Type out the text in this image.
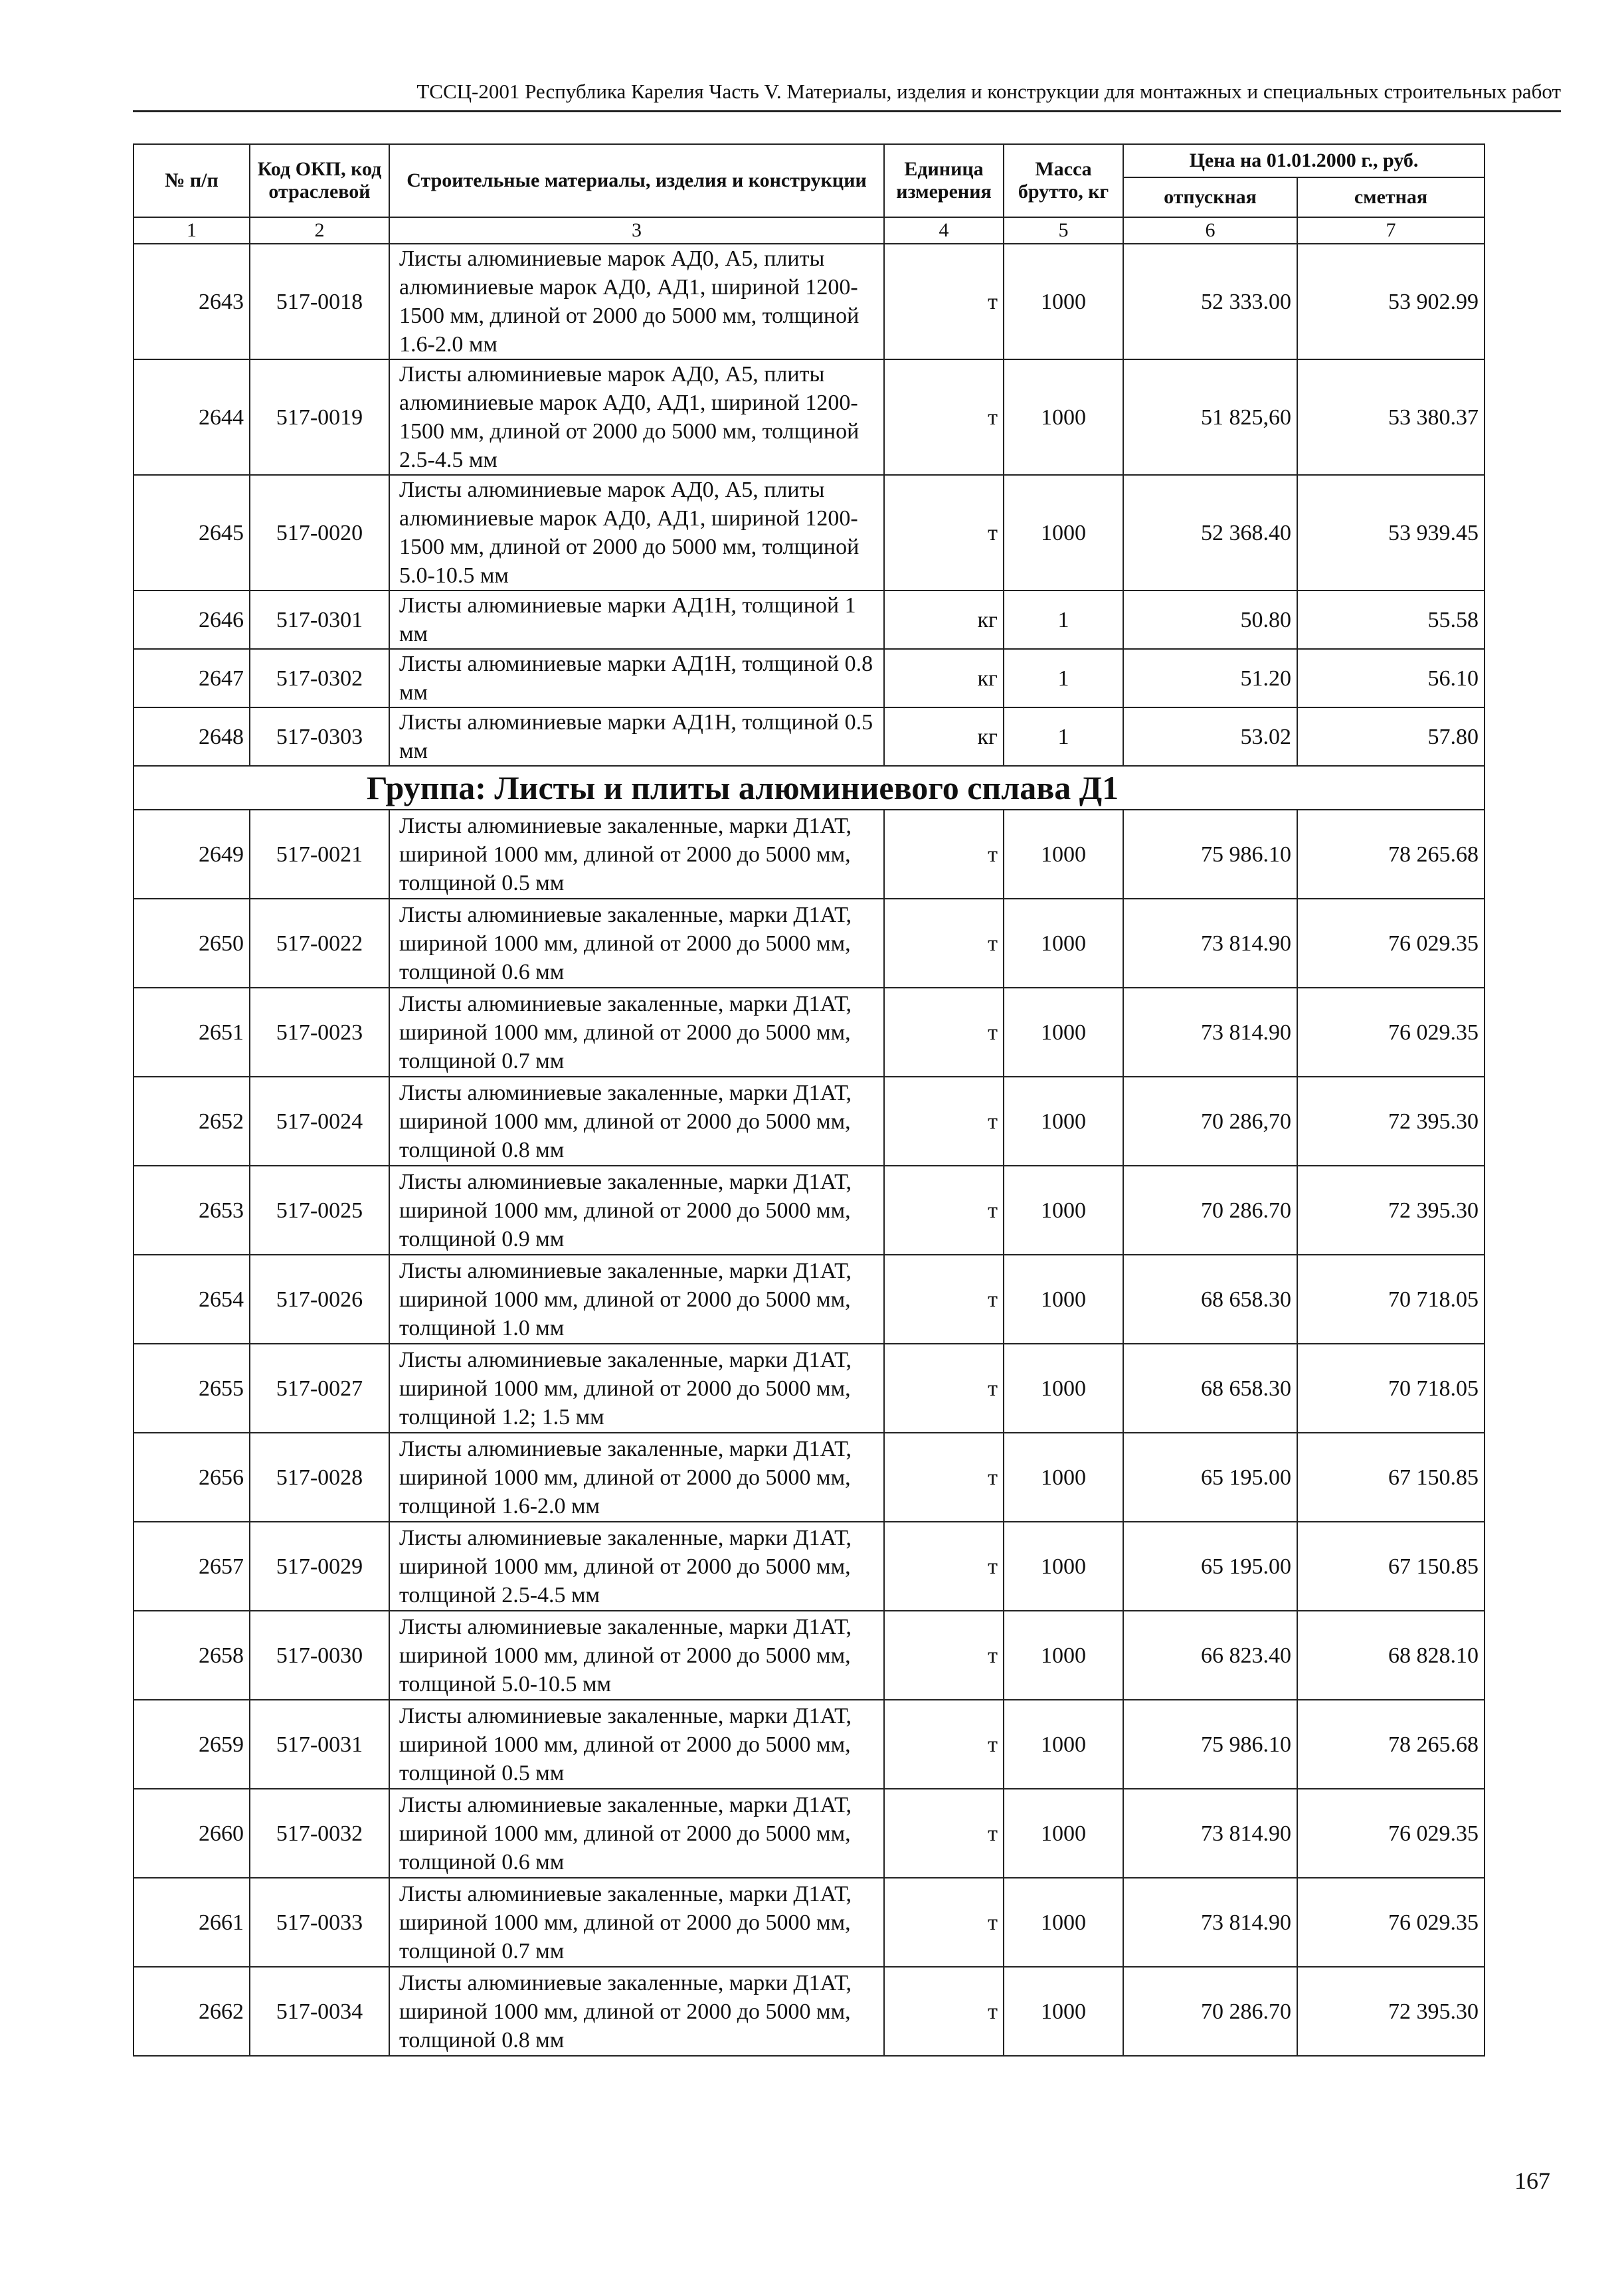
ТССЦ-2001 Республика Карелия Часть V. Материалы, изделия и конструкции для монтажных и специальных строительных работ
№ п/п	Код ОКП, код отраслевой	Строительные материалы, изделия и конструкции	Единица измерения	Масса брутто, кг	Цена на 01.01.2000 г., руб.	
					отпускная	сметная
1	2	3	4	5	6	7
2643	517-0018	Листы алюминиевые марок АД0, А5, плиты алюминиевые марок АД0, АД1, шириной 1200-1500 мм, длиной от 2000 до 5000 мм, толщиной 1.6-2.0 мм	т	1000	52 333.00	53 902.99
2644	517-0019	Листы алюминиевые марок АД0, А5, плиты алюминиевые марок АД0, АД1, шириной 1200-1500 мм, длиной от 2000 до 5000 мм, толщиной 2.5-4.5 мм	т	1000	51 825,60	53 380.37
2645	517-0020	Листы алюминиевые марок АД0, А5, плиты алюминиевые марок АД0, АД1, шириной 1200-1500 мм, длиной от 2000 до 5000 мм, толщиной 5.0-10.5 мм	т	1000	52 368.40	53 939.45
2646	517-0301	Листы алюминиевые марки АД1Н, толщиной 1 мм	кг	1	50.80	55.58
2647	517-0302	Листы алюминиевые марки АД1Н, толщиной 0.8 мм	кг	1	51.20	56.10
2648	517-0303	Листы алюминиевые марки АД1Н, толщиной 0.5 мм	кг	1	53.02	57.80
Группа: Листы и плиты алюминиевого сплава Д1						
2649	517-0021	Листы алюминиевые закаленные, марки Д1АТ, шириной 1000 мм, длиной от 2000 до 5000 мм, толщиной 0.5 мм	т	1000	75 986.10	78 265.68
2650	517-0022	Листы алюминиевые закаленные, марки Д1АТ, шириной 1000 мм, длиной от 2000 до 5000 мм, толщиной 0.6 мм	т	1000	73 814.90	76 029.35
2651	517-0023	Листы алюминиевые закаленные, марки Д1АТ, шириной 1000 мм, длиной от 2000 до 5000 мм, толщиной 0.7 мм	т	1000	73 814.90	76 029.35
2652	517-0024	Листы алюминиевые закаленные, марки Д1АТ, шириной 1000 мм, длиной от 2000 до 5000 мм, толщиной 0.8 мм	т	1000	70 286,70	72 395.30
2653	517-0025	Листы алюминиевые закаленные, марки Д1АТ, шириной 1000 мм, длиной от 2000 до 5000 мм, толщиной 0.9 мм	т	1000	70 286.70	72 395.30
2654	517-0026	Листы алюминиевые закаленные, марки Д1АТ, шириной 1000 мм, длиной от 2000 до 5000 мм, толщиной 1.0 мм	т	1000	68 658.30	70 718.05
2655	517-0027	Листы алюминиевые закаленные, марки Д1АТ, шириной 1000 мм, длиной от 2000 до 5000 мм, толщиной 1.2; 1.5 мм	т	1000	68 658.30	70 718.05
2656	517-0028	Листы алюминиевые закаленные, марки Д1АТ, шириной 1000 мм, длиной от 2000 до 5000 мм, толщиной 1.6-2.0 мм	т	1000	65 195.00	67 150.85
2657	517-0029	Листы алюминиевые закаленные, марки Д1АТ, шириной 1000 мм, длиной от 2000 до 5000 мм, толщиной 2.5-4.5 мм	т	1000	65 195.00	67 150.85
2658	517-0030	Листы алюминиевые закаленные, марки Д1АТ, шириной 1000 мм, длиной от 2000 до 5000 мм, толщиной 5.0-10.5 мм	т	1000	66 823.40	68 828.10
2659	517-0031	Листы алюминиевые закаленные, марки Д1АТ, шириной 1000 мм, длиной от 2000 до 5000 мм, толщиной 0.5 мм	т	1000	75 986.10	78 265.68
2660	517-0032	Листы алюминиевые закаленные, марки Д1АТ, шириной 1000 мм, длиной от 2000 до 5000 мм, толщиной 0.6 мм	т	1000	73 814.90	76 029.35
2661	517-0033	Листы алюминиевые закаленные, марки Д1АТ, шириной 1000 мм, длиной от 2000 до 5000 мм, толщиной 0.7 мм	т	1000	73 814.90	76 029.35
2662	517-0034	Листы алюминиевые закаленные, марки Д1АТ, шириной 1000 мм, длиной от 2000 до 5000 мм, толщиной 0.8 мм	т	1000	70 286.70	72 395.30
167
